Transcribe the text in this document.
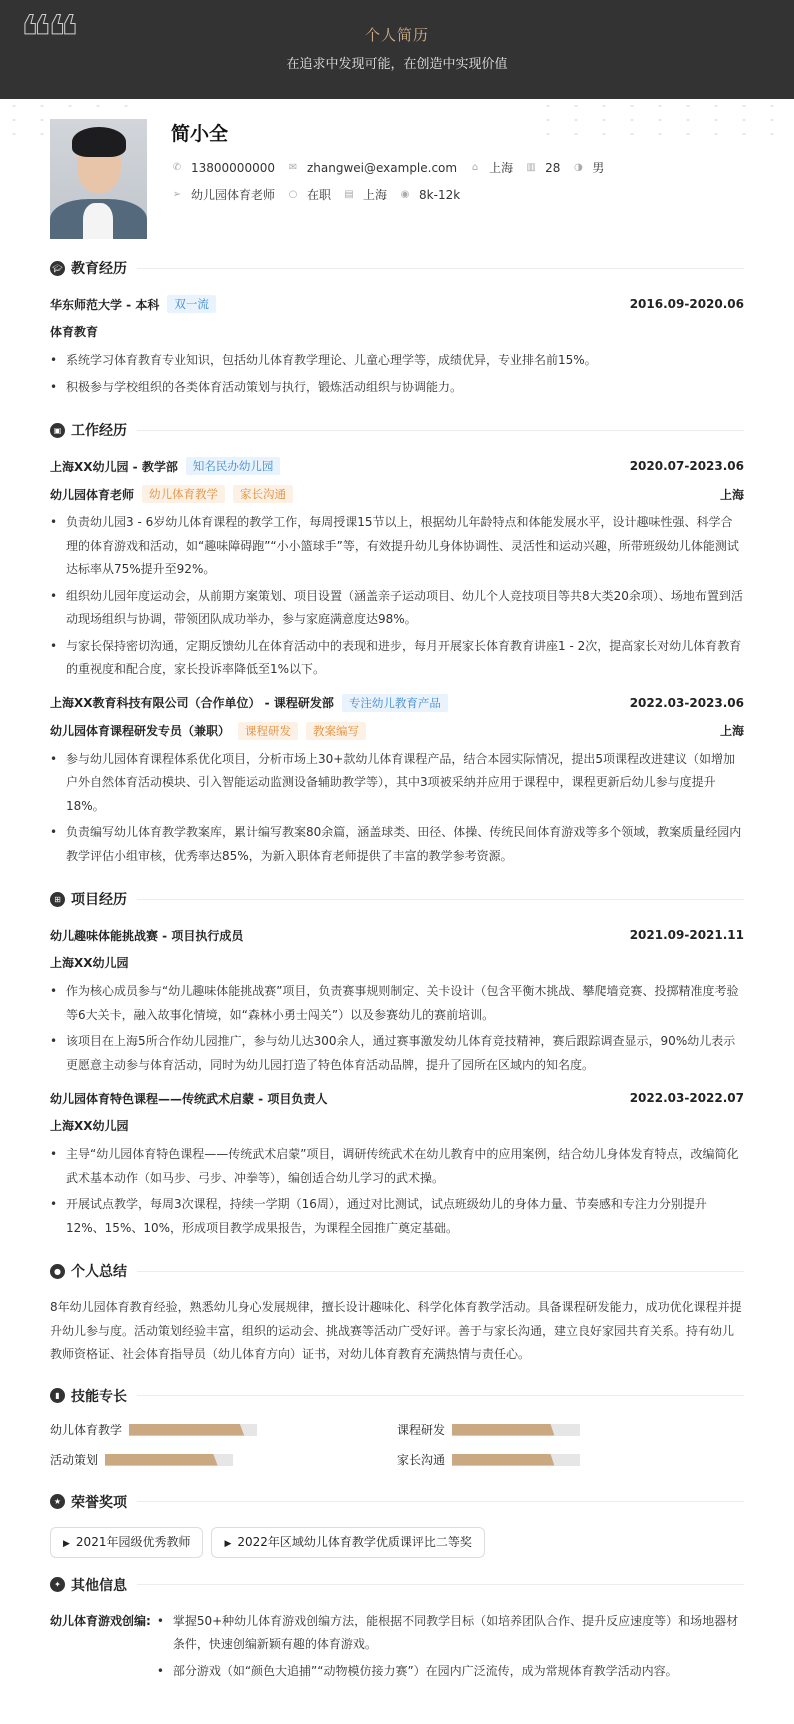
❝❝	个人简历
在追求中发现可能，在创造中实现价值
简小全
✆ 13800000000 ✉ zhangwei@example.com ⌂ 上海 ▥ 28 ◑ 男
➢ 幼儿园体育老师 ○ 在职 ▤ 上海 ◉ 8k-12k
🎓︎ 教育经历
华东师范大学 - 本科	双一流	2016.09-2020.06
体育教育
• 系统学习体育教育专业知识，包括幼儿体育教学理论、儿童心理学等，成绩优异，专业排名前15%。
• 积极参与学校组织的各类体育活动策划与执行，锻炼活动组织与协调能力。
▣ 工作经历
上海XX幼儿园 - 教学部	知名民办幼儿园	2020.07-2023.06
幼儿园体育老师	幼儿体育教学	家长沟通	上海
• 负责幼儿园3 - 6岁幼儿体育课程的教学工作，每周授课15节以上，根据幼儿年龄特点和体能发展水平，设计趣味性强、科学合理的体育游戏和活动，如“趣味障碍跑”“小小篮球手”等，有效提升幼儿身体协调性、灵活性和运动兴趣，所带班级幼儿体能测试达标率从75%提升至92%。
• 组织幼儿园年度运动会，从前期方案策划、项目设置（涵盖亲子运动项目、幼儿个人竞技项目等共8大类20余项）、场地布置到活动现场组织与协调，带领团队成功举办，参与家庭满意度达98%。
• 与家长保持密切沟通，定期反馈幼儿在体育活动中的表现和进步，每月开展家长体育教育讲座1 - 2次，提高家长对幼儿体育教育的重视度和配合度，家长投诉率降低至1%以下。
上海XX教育科技有限公司（合作单位） - 课程研发部	专注幼儿教育产品	2022.03-2023.06
幼儿园体育课程研发专员（兼职）	课程研发	教案编写	上海
• 参与幼儿园体育课程体系优化项目，分析市场上30+款幼儿体育课程产品，结合本园实际情况，提出5项课程改进建议（如增加户外自然体育活动模块、引入智能运动监测设备辅助教学等），其中3项被采纳并应用于课程中，课程更新后幼儿参与度提升18%。
• 负责编写幼儿体育教学教案库，累计编写教案80余篇，涵盖球类、田径、体操、传统民间体育游戏等多个领域，教案质量经园内教学评估小组审核，优秀率达85%，为新入职体育老师提供了丰富的教学参考资源。
⊞ 项目经历
幼儿趣味体能挑战赛 - 项目执行成员	2021.09-2021.11
上海XX幼儿园
• 作为核心成员参与“幼儿趣味体能挑战赛”项目，负责赛事规则制定、关卡设计（包含平衡木挑战、攀爬墙竞赛、投掷精准度考验等6大关卡，融入故事化情境，如“森林小勇士闯关”）以及参赛幼儿的赛前培训。
• 该项目在上海5所合作幼儿园推广，参与幼儿达300余人，通过赛事激发幼儿体育竞技精神，赛后跟踪调查显示，90%幼儿表示更愿意主动参与体育活动，同时为幼儿园打造了特色体育活动品牌，提升了园所在区域内的知名度。
幼儿园体育特色课程——传统武术启蒙 - 项目负责人	2022.03-2022.07
上海XX幼儿园
• 主导“幼儿园体育特色课程——传统武术启蒙”项目，调研传统武术在幼儿教育中的应用案例，结合幼儿身体发育特点，改编简化武术基本动作（如马步、弓步、冲拳等），编创适合幼儿学习的武术操。
• 开展试点教学，每周3次课程，持续一学期（16周），通过对比测试，试点班级幼儿的身体力量、节奏感和专注力分别提升12%、15%、10%，形成项目教学成果报告，为课程全园推广奠定基础。
● 个人总结
8年幼儿园体育教育经验，熟悉幼儿身心发展规律，擅长设计趣味化、科学化体育教学活动。具备课程研发能力，成功优化课程并提升幼儿参与度。活动策划经验丰富，组织的运动会、挑战赛等活动广受好评。善于与家长沟通，建立良好家园共育关系。持有幼儿教师资格证、社会体育指导员（幼儿体育方向）证书，对幼儿体育教育充满热情与责任心。
▮ 技能专长
幼儿体育教学	课程研发
活动策划	家长沟通
★ 荣誉奖项
▶ 2021年园级优秀教师	▶ 2022年区域幼儿体育教学优质课评比二等奖
✦ 其他信息
幼儿体育游戏创编:	• 掌握50+种幼儿体育游戏创编方法，能根据不同教学目标（如培养团队合作、提升反应速度等）和场地器材条件，快速创编新颖有趣的体育游戏。
• 部分游戏（如“颜色大追捕”“动物模仿接力赛”）在园内广泛流传，成为常规体育教学活动内容。
